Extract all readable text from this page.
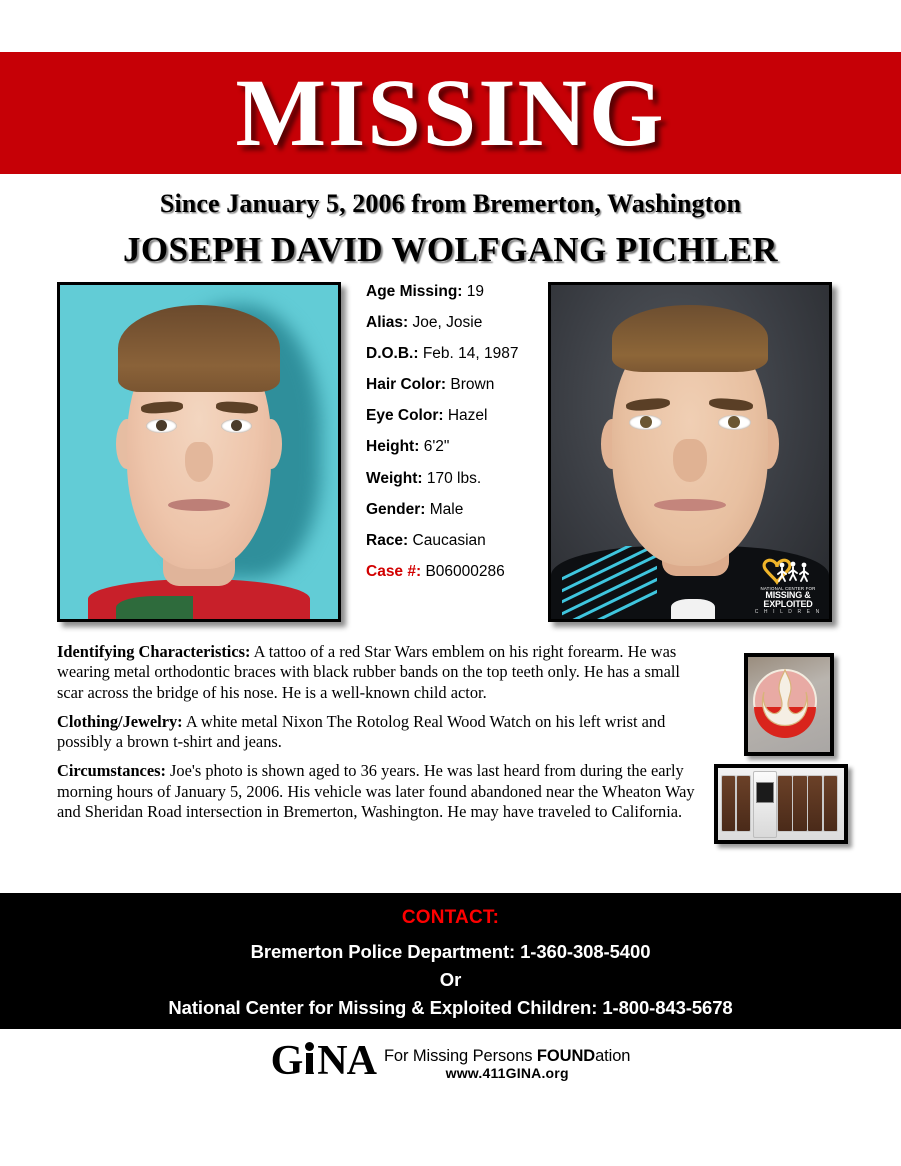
MISSING
Since January 5, 2006 from Bremerton, Washington
JOSEPH DAVID WOLFGANG PICHLER
NATIONAL CENTER FOR
MISSING &
EXPLOITED
C H I L D R E N
Age Missing: 19
Alias: Joe, Josie
D.O.B.: Feb. 14, 1987
Hair Color: Brown
Eye Color: Hazel
Height: 6'2"
Weight: 170 lbs.
Gender: Male
Race: Caucasian
Case #: B06000286
Identifying Characteristics: A tattoo of a red Star Wars emblem on his right forearm. He was wearing metal orthodontic braces with black rubber bands on the top teeth only. He has a small scar across the bridge of his nose. He is a well-known child actor.
Clothing/Jewelry: A white metal Nixon The Rotolog Real Wood Watch on his left wrist and possibly a brown t-shirt and jeans.
Circumstances: Joe's photo is shown aged to 36 years. He was last heard from during the early morning hours of January 5, 2006. His vehicle was later found abandoned near the Wheaton Way and Sheridan Road intersection in Bremerton, Washington. He may have traveled to California.
CONTACT:
Bremerton Police Department: 1-360-308-5400
Or
National Center for Missing & Exploited Children: 1-800-843-5678
G NA For Missing Persons FOUNDation
www.411GINA.org
